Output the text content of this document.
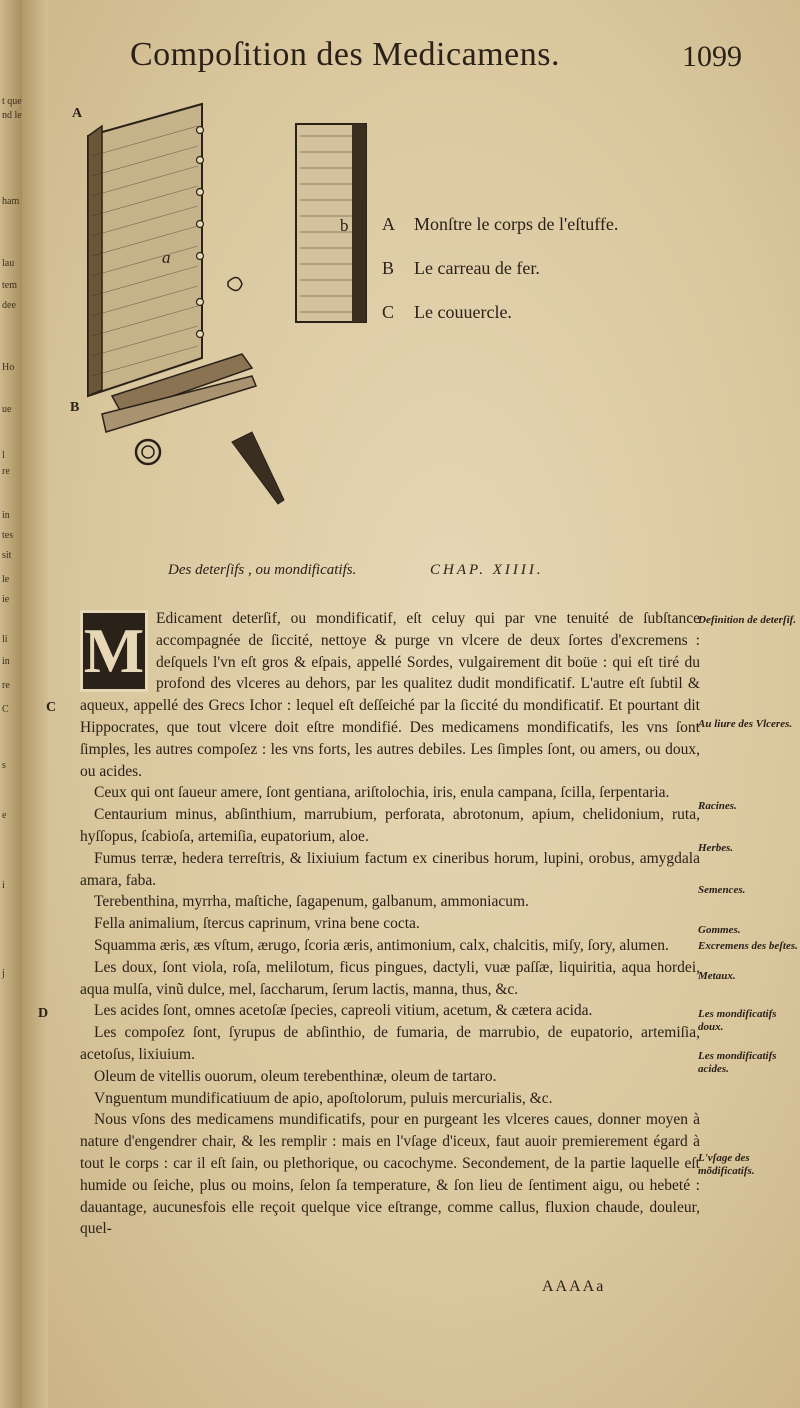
t que
nd le
ham
lau
tem
dee
Ho
ue
l
re
in
tes
sit
le
ie
li
in
re
C
s
e
i
j
Compoſition des Medicamens.	1099
A
B
a
b A Monſtre le corps de l'eſtuffe.
B Le carreau de fer.
C Le couuercle.
Des deterſifs , ou mondificatifs.	CHAP. XIIII.
C
D

M Edicament deterſif, ou mondificatif, eſt celuy qui par vne tenuité de ſubſtance accompagnée de ſiccité, nettoye & purge vn vlcere de deux ſortes d'excremens : deſquels l'vn eſt gros & eſpais, appellé Sordes, vulgairement dit boüe : qui eſt tiré du profond des vlceres au dehors, par les qualitez dudit mondificatif. L'autre eſt ſubtil & aqueux, appellé des Grecs Ichor : lequel eſt deſſeiché par la ſiccité du mondificatif. Et pourtant dit Hippocrates, que tout vlcere doit eſtre mondifié. Des medicamens mondificatifs, les vns ſont ſimples, les autres compoſez : les vns forts, les autres debiles. Les ſimples ſont, ou amers, ou doux, ou acides.

Ceux qui ont ſaueur amere, ſont gentiana, ariſtolochia, iris, enula campana, ſcilla, ſerpentaria.

Centaurium minus, abſinthium, marrubium, perforata, abrotonum, apium, chelidonium, ruta, hyſſopus, ſcabioſa, artemiſia, eupatorium, aloe.

Fumus terræ, hedera terreſtris, & lixiuium factum ex cineribus horum, lupini, orobus, amygdala amara, faba.

Terebenthina, myrrha, maſtiche, ſagapenum, galbanum, ammoniacum.

Fella animalium, ſtercus caprinum, vrina bene cocta.

Squamma æris, æs vſtum, ærugo, ſcoria æris, antimonium, calx, chalcitis, miſy, ſory, alumen.

Les doux, ſont viola, roſa, melilotum, ficus pingues, dactyli, vuæ paſſæ, liquiritia, aqua hordei, aqua mulſa, vinũ dulce, mel, ſaccharum, ſerum lactis, manna, thus, &c.

Les acides ſont, omnes acetoſæ ſpecies, capreoli vitium, acetum, & cætera acida.

Les compoſez ſont, ſyrupus de abſinthio, de fumaria, de marrubio, de eupatorio, artemiſia, acetoſus, lixiuium.

Oleum de vitellis ouorum, oleum terebenthinæ, oleum de tartaro.

Vnguentum mundificatiuum de apio, apoſtolorum, puluis mercurialis, &c.

Nous vſons des medicamens mundificatifs, pour en purgeant les vlceres caues, donner moyen à nature d'engendrer chair, & les remplir : mais en l'vſage d'iceux, faut auoir premierement égard à tout le corps : car il eſt ſain, ou plethorique, ou cacochyme. Secondement, de la partie laquelle eſt humide ou ſeiche, plus ou moins, ſelon ſa temperature, & ſon lieu de ſentiment aigu, ou hebeté : dauantage, aucunesfois elle reçoit quelque vice eſtrange, comme callus, fluxion chaude, douleur, quel-

Definition de deterſif.
Au liure des Vlceres.
Racines.
Herbes.
Semences.
Gommes.
Excremens des beſtes.
Metaux.
Les mondificatifs doux.
Les mondificatifs acides.
L'vſage des mõdificatifs.
AAAAa
